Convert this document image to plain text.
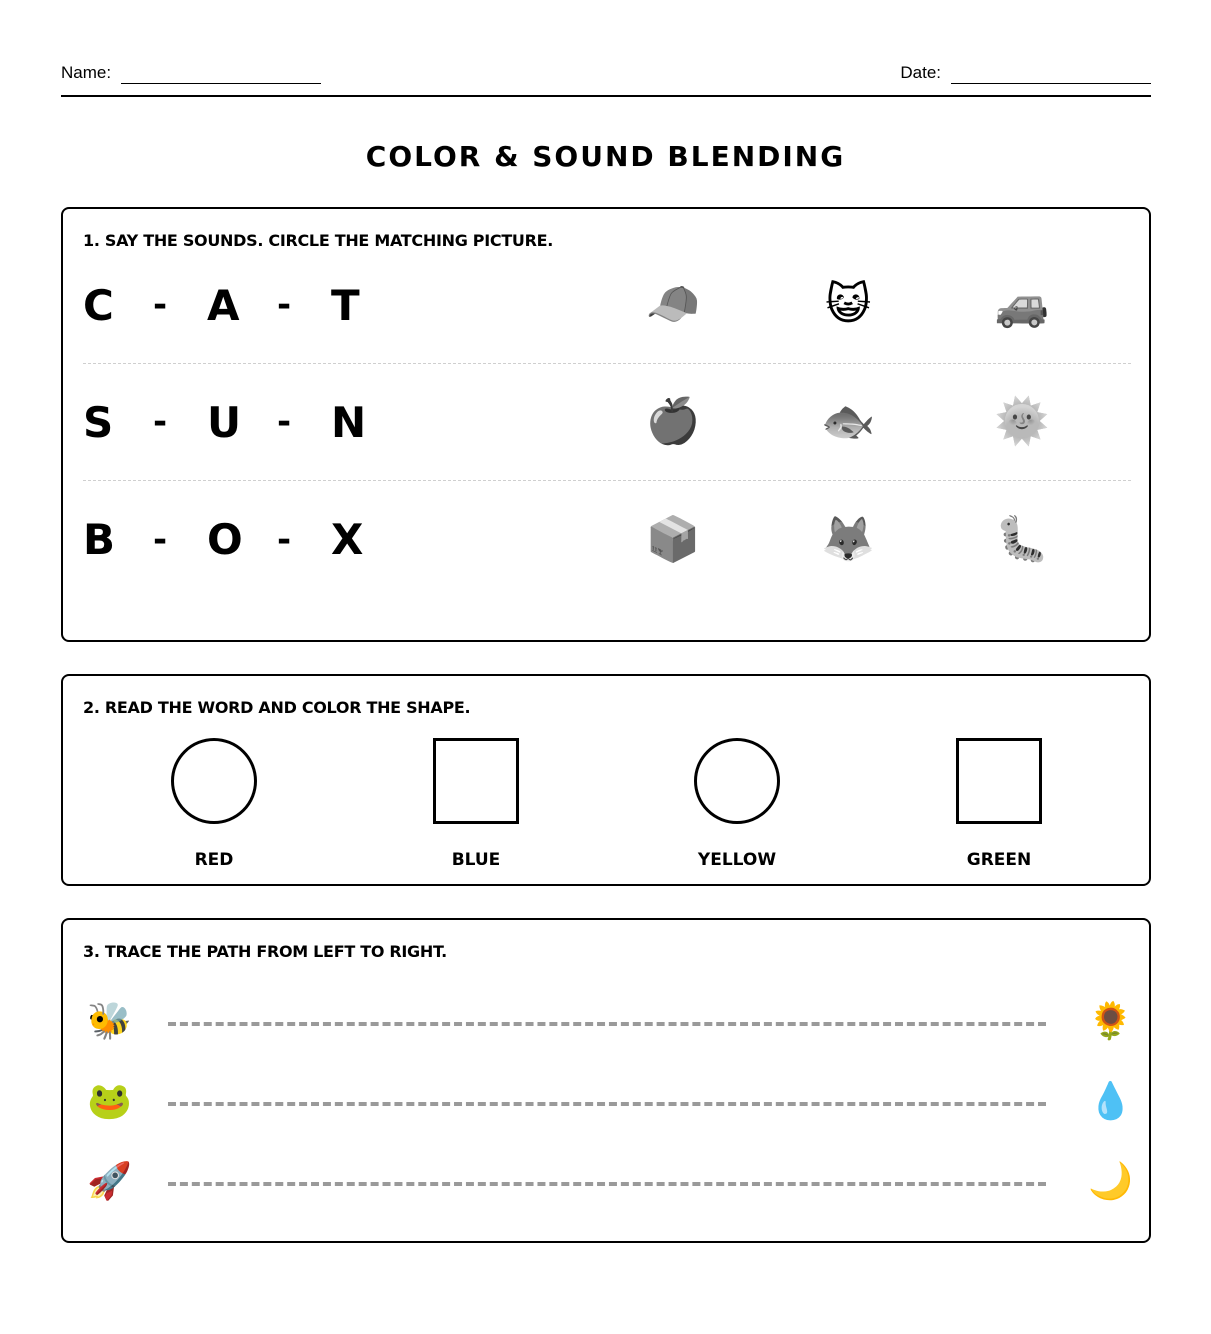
Name:	Date:
COLOR & SOUND BLENDING
1. SAY THE SOUNDS. CIRCLE THE MATCHING PICTURE.
C	- A	- T	🧢	😺	🚙
S	- U	- N	🍎	🐟	🌞
B	- O	- X	📦	🦊	🐛
2. READ THE WORD AND COLOR THE SHAPE.
RED	BLUE	YELLOW	GREEN
3. TRACE THE PATH FROM LEFT TO RIGHT.
🐝	🌻
🐸	💧
🚀	🌙
